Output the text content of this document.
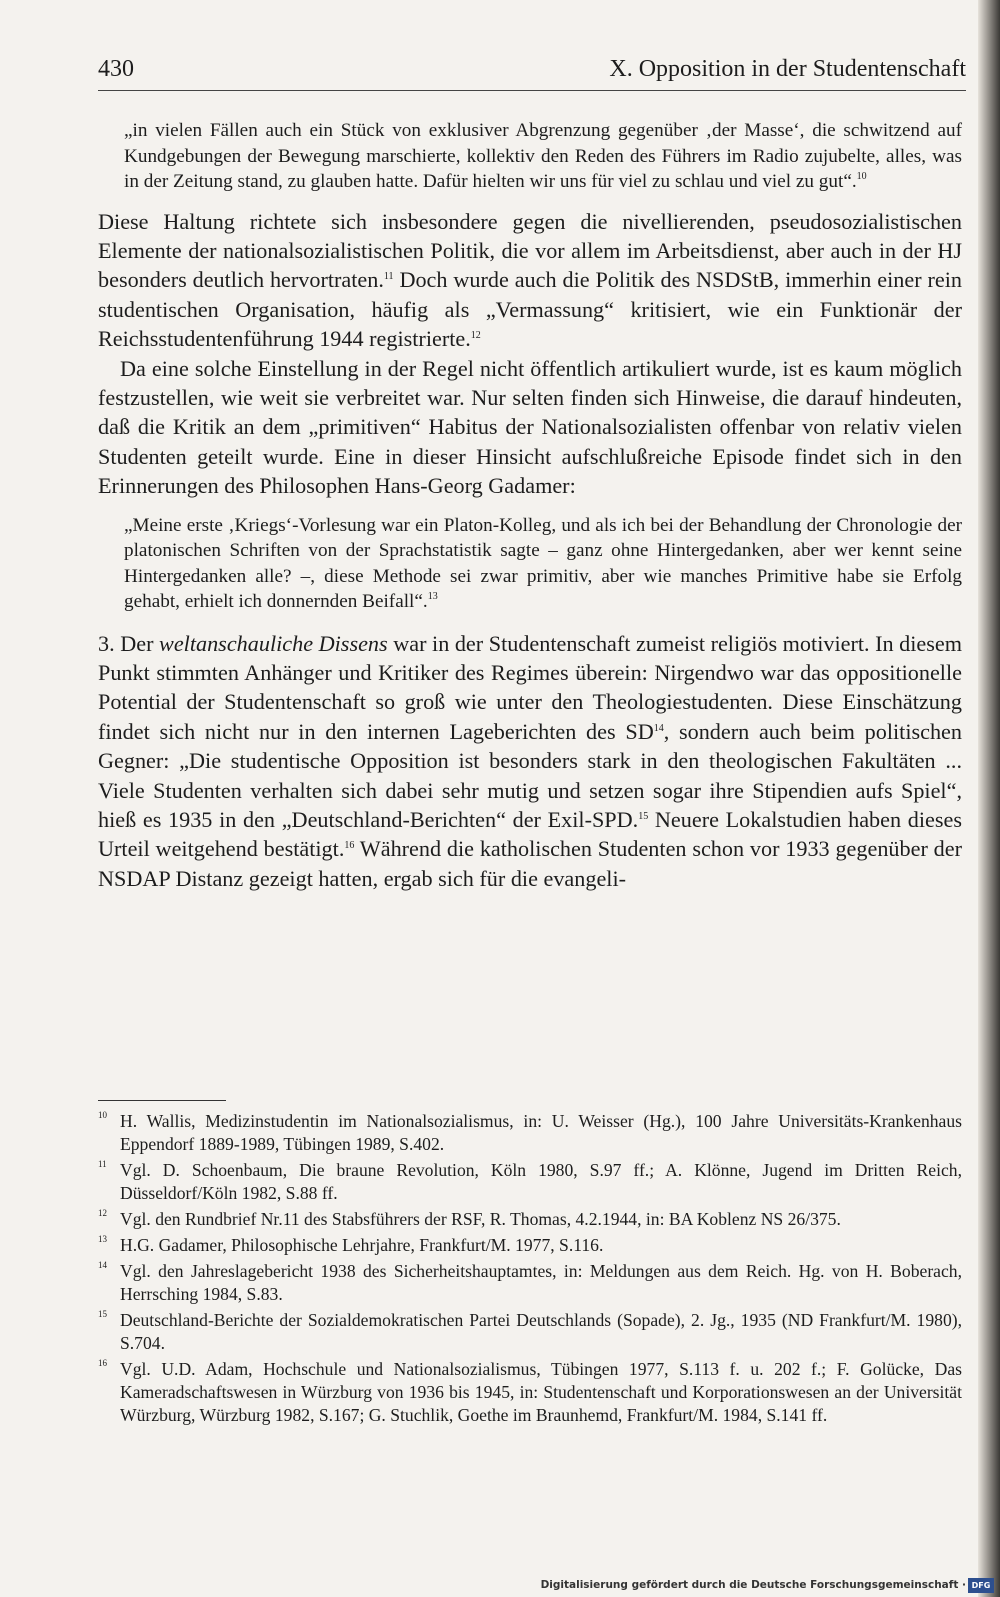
430	X. Opposition in der Studentenschaft

„in vielen Fällen auch ein Stück von exklusiver Abgrenzung gegenüber ‚der Masse‘, die schwitzend auf Kundgebungen der Bewegung marschierte, kollektiv den Reden des Führers im Radio zujubelte, alles, was in der Zeitung stand, zu glauben hatte. Dafür hielten wir uns für viel zu schlau und viel zu gut“.$^{10}$

Diese Haltung richtete sich insbesondere gegen die nivellierenden, pseudosozialistischen Elemente der nationalsozialistischen Politik, die vor allem im Arbeitsdienst, aber auch in der HJ besonders deutlich hervortraten.$^{11}$ Doch wurde auch die Politik des NSDStB, immerhin einer rein studentischen Organisation, häufig als „Vermassung“ kritisiert, wie ein Funktionär der Reichsstudentenführung 1944 registrierte.$^{12}$

Da eine solche Einstellung in der Regel nicht öffentlich artikuliert wurde, ist es kaum möglich festzustellen, wie weit sie verbreitet war. Nur selten finden sich Hinweise, die darauf hindeuten, daß die Kritik an dem „primitiven“ Habitus der Nationalsozialisten offenbar von relativ vielen Studenten geteilt wurde. Eine in dieser Hinsicht aufschlußreiche Episode findet sich in den Erinnerungen des Philosophen Hans-Georg Gadamer:

„Meine erste ‚Kriegs‘-Vorlesung war ein Platon-Kolleg, und als ich bei der Behandlung der Chronologie der platonischen Schriften von der Sprachstatistik sagte – ganz ohne Hintergedanken, aber wer kennt seine Hintergedanken alle? –, diese Methode sei zwar primitiv, aber wie manches Primitive habe sie Erfolg gehabt, erhielt ich donnernden Beifall“.$^{13}$

3. Der weltanschauliche Dissens war in der Studentenschaft zumeist religiös motiviert. In diesem Punkt stimmten Anhänger und Kritiker des Regimes überein: Nirgendwo war das oppositionelle Potential der Studentenschaft so groß wie unter den Theologiestudenten. Diese Einschätzung findet sich nicht nur in den internen Lageberichten des SD$^{14}$, sondern auch beim politischen Gegner: „Die studentische Opposition ist besonders stark in den theologischen Fakultäten ... Viele Studenten verhalten sich dabei sehr mutig und setzen sogar ihre Stipendien aufs Spiel“, hieß es 1935 in den „Deutschland-Berichten“ der Exil-SPD.$^{15}$ Neuere Lokalstudien haben dieses Urteil weitgehend bestätigt.$^{16}$ Während die katholischen Studenten schon vor 1933 gegenüber der NSDAP Distanz gezeigt hatten, ergab sich für die evangeli-

10 H. Wallis, Medizinstudentin im Nationalsozialismus, in: U. Weisser (Hg.), 100 Jahre Universitäts-Krankenhaus Eppendorf 1889-1989, Tübingen 1989, S.402.

11 Vgl. D. Schoenbaum, Die braune Revolution, Köln 1980, S.97 ff.; A. Klönne, Jugend im Dritten Reich, Düsseldorf/Köln 1982, S.88 ff.

12 Vgl. den Rundbrief Nr.11 des Stabsführers der RSF, R. Thomas, 4.2.1944, in: BA Koblenz NS 26/375.

13 H.G. Gadamer, Philosophische Lehrjahre, Frankfurt/M. 1977, S.116.

14 Vgl. den Jahreslagebericht 1938 des Sicherheitshauptamtes, in: Meldungen aus dem Reich. Hg. von H. Boberach, Herrsching 1984, S.83.

15 Deutschland-Berichte der Sozialdemokratischen Partei Deutschlands (Sopade), 2. Jg., 1935 (ND Frankfurt/M. 1980), S.704.

16 Vgl. U.D. Adam, Hochschule und Nationalsozialismus, Tübingen 1977, S.113 f. u. 202 f.; F. Golücke, Das Kameradschaftswesen in Würzburg von 1936 bis 1945, in: Studentenschaft und Korporationswesen an der Universität Würzburg, Würzburg 1982, S.167; G. Stuchlik, Goethe im Braunhemd, Frankfurt/M. 1984, S.141 ff.

Digitalisierung gefördert durch die Deutsche Forschungsgemeinschaft · DFG
